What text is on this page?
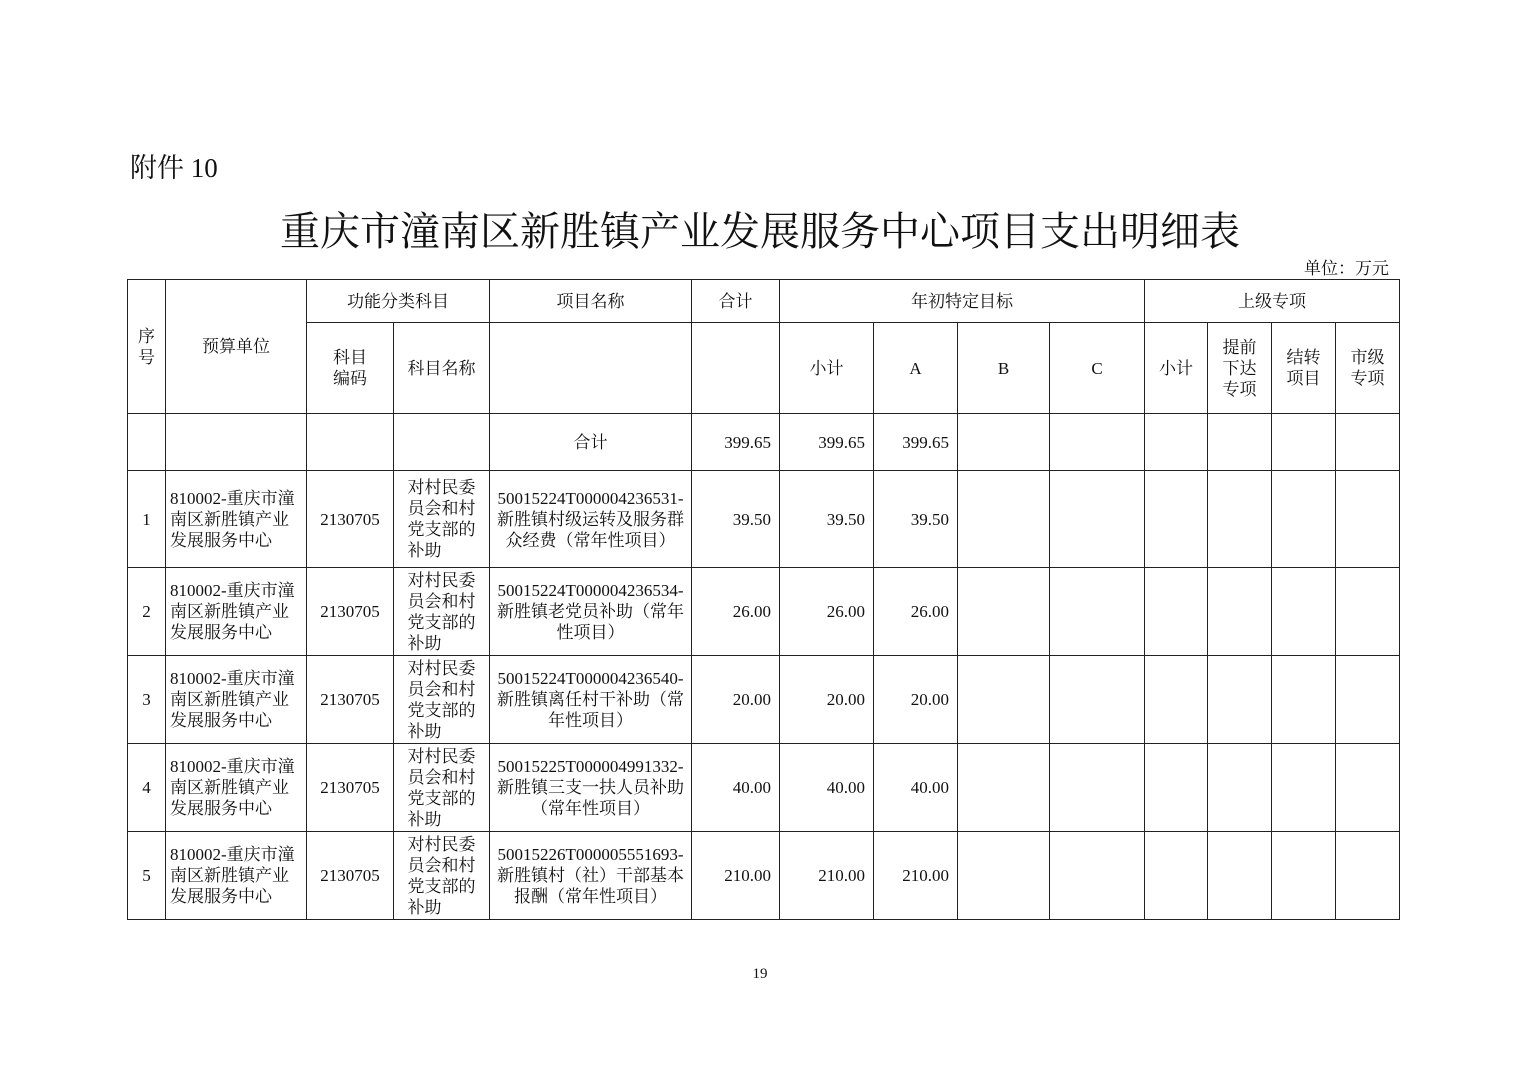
附件 10
重庆市潼南区新胜镇产业发展服务中心项目支出明细表
单位：万元
序号	预算单位	功能分类科目		项目名称	合计	年初特定目标				上级专项			

		科目编码	科目名称			小计	A	B	C	小计	提前下达专项	结转项目	市级专项

				合计	399.65	399.65	399.65						
1	810002-重庆市潼南区新胜镇产业发展服务中心	2130705	对村民委员会和村党支部的补助	50015224T000004236531-新胜镇村级运转及服务群众经费（常年性项目）	39.50	39.50	39.50						
2	810002-重庆市潼南区新胜镇产业发展服务中心	2130705	对村民委员会和村党支部的补助	50015224T000004236534-新胜镇老党员补助（常年性项目）	26.00	26.00	26.00						
3	810002-重庆市潼南区新胜镇产业发展服务中心	2130705	对村民委员会和村党支部的补助	50015224T000004236540-新胜镇离任村干补助（常年性项目）	20.00	20.00	20.00						
4	810002-重庆市潼南区新胜镇产业发展服务中心	2130705	对村民委员会和村党支部的补助	50015225T000004991332-新胜镇三支一扶人员补助（常年性项目）	40.00	40.00	40.00						
5	810002-重庆市潼南区新胜镇产业发展服务中心	2130705	对村民委员会和村党支部的补助	50015226T000005551693-新胜镇村（社）干部基本报酬（常年性项目）	210.00	210.00	210.00						
19
